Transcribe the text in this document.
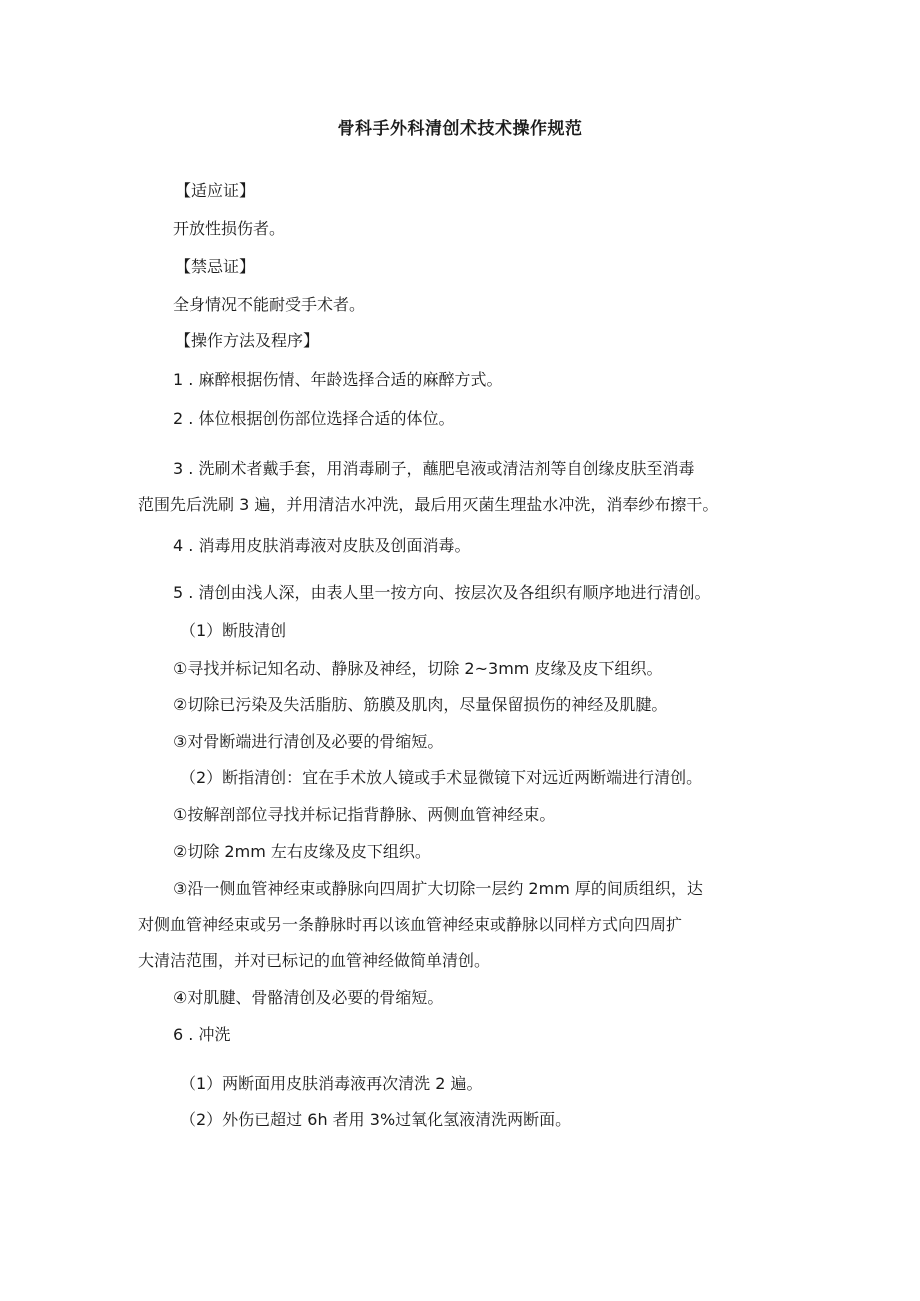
骨科手外科清创术技术操作规范
【适应证】
开放性损伤者。
【禁忌证】
全身情况不能耐受手术者。
【操作方法及程序】
1 . 麻醉根据伤情、年龄选择合适的麻醉方式。
2 . 体位根据创伤部位选择合适的体位。
3 . 洗刷术者戴手套，用消毒刷子，蘸肥皂液或清洁剂等自创缘皮肤至消毒
范围先后洗刷 3 遍，并用清洁水冲洗，最后用灭菌生理盐水冲洗，消奉纱布擦干。
4 . 消毒用皮肤消毒液对皮肤及创面消毒。
5 . 清创由浅人深，由表人里一按方向、按层次及各组织有顺序地进行清创。
（1）断肢清创
①寻找并标记知名动、静脉及神经，切除 2~3mm 皮缘及皮下组织。
②切除已污染及失活脂肪、筋膜及肌肉，尽量保留损伤的神经及肌腱。
③对骨断端进行清创及必要的骨缩短。
（2）断指清创：宜在手术放人镜或手术显微镜下对远近两断端进行清创。
①按解剖部位寻找并标记指背静脉、两侧血管神经束。
②切除 2mm 左右皮缘及皮下组织。
③沿一侧血管神经束或静脉向四周扩大切除一层约 2mm 厚的间质组织，达
对侧血管神经束或另一条静脉时再以该血管神经束或静脉以同样方式向四周扩
大清洁范围，并对已标记的血管神经做简单清创。
④对肌腱、骨骼清创及必要的骨缩短。
6 . 冲洗
（1）两断面用皮肤消毒液再次清洗 2 遍。
（2）外伤已超过 6h 者用 3%过氧化氢液清洗两断面。
